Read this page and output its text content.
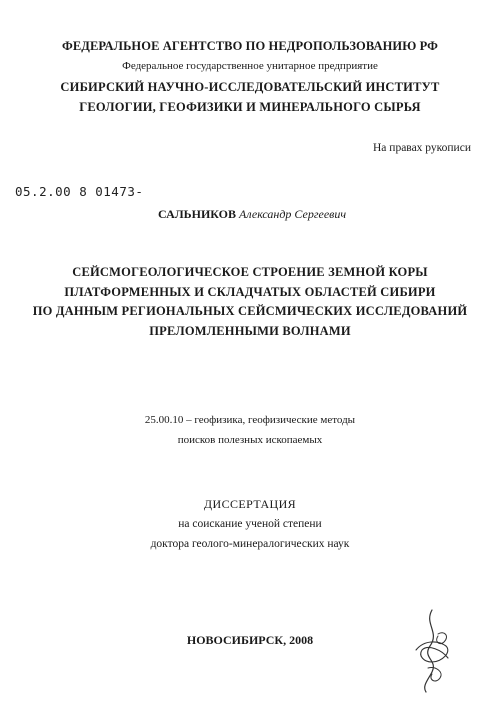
ФЕДЕРАЛЬНОЕ АГЕНТСТВО ПО НЕДРОПОЛЬЗОВАНИЮ РФ
Федеральное государственное унитарное предприятие
СИБИРСКИЙ НАУЧНО-ИССЛЕДОВАТЕЛЬСКИЙ ИНСТИТУТ
ГЕОЛОГИИ, ГЕОФИЗИКИ И МИНЕРАЛЬНОГО СЫРЬЯ
На правах рукописи
05.2.00 8 01473-
САЛЬНИКОВ Александр Сергеевич
СЕЙСМОГЕОЛОГИЧЕСКОЕ СТРОЕНИЕ ЗЕМНОЙ КОРЫ
ПЛАТФОРМЕННЫХ И СКЛАДЧАТЫХ ОБЛАСТЕЙ СИБИРИ
ПО ДАННЫМ РЕГИОНАЛЬНЫХ СЕЙСМИЧЕСКИХ ИССЛЕДОВАНИЙ
ПРЕЛОМЛЕННЫМИ ВОЛНАМИ
25.00.10 – геофизика, геофизические методы
поисков полезных ископаемых
ДИССЕРТАЦИЯ
на соискание ученой степени
доктора геолого-минералогических наук
НОВОСИБИРСК, 2008
